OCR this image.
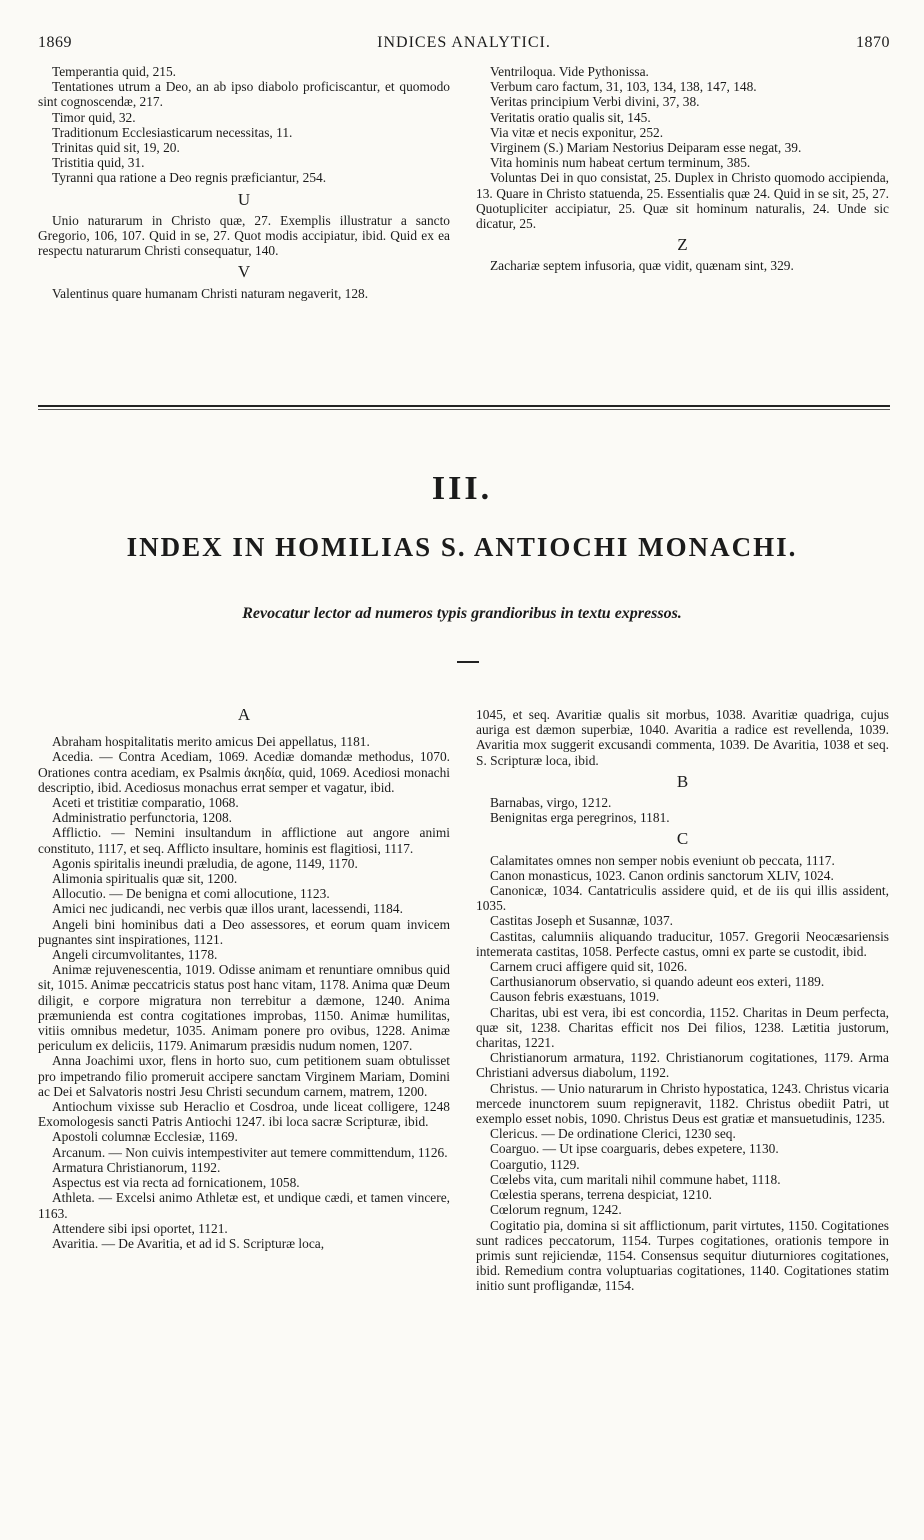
1869	INDICES ANALYTICI.	1870

Temperantia quid, 215.

Tentationes utrum a Deo, an ab ipso diabolo proficiscantur, et quomodo sint cognoscendæ, 217.

Timor quid, 32.

Traditionum Ecclesiasticarum necessitas, 11.

Trinitas quid sit, 19, 20.

Tristitia quid, 31.

Tyranni qua ratione a Deo regnis præficiantur, 254.

U

Unio naturarum in Christo quæ, 27. Exemplis illustratur a sancto Gregorio, 106, 107. Quid in se, 27. Quot modis accipiatur, ibid. Quid ex ea respectu naturarum Christi consequatur, 140.

V

Valentinus quare humanam Christi naturam negaverit, 128.

Ventriloqua. Vide Pythonissa.

Verbum caro factum, 31, 103, 134, 138, 147, 148.

Veritas principium Verbi divini, 37, 38.

Veritatis oratio qualis sit, 145.

Via vitæ et necis exponitur, 252.

Virginem (S.) Mariam Nestorius Deiparam esse negat, 39.

Vita hominis num habeat certum terminum, 385.

Voluntas Dei in quo consistat, 25. Duplex in Christo quomodo accipienda, 13. Quare in Christo statuenda, 25. Essentialis quæ 24. Quid in se sit, 25, 27. Quotupliciter accipiatur, 25. Quæ sit hominum naturalis, 24. Unde sic dicatur, 25.

Z

Zachariæ septem infusoria, quæ vidit, quænam sint, 329.

III.
INDEX IN HOMILIAS S. ANTIOCHI MONACHI.
Revocatur lector ad numeros typis grandioribus in textu expressos.
A

Abraham hospitalitatis merito amicus Dei appellatus, 1181.

Acedia. — Contra Acediam, 1069. Acediæ domandæ methodus, 1070. Orationes contra acediam, ex Psalmis ἀκηδία, quid, 1069. Acediosi monachi descriptio, ibid. Acediosus monachus errat semper et vagatur, ibid.

Aceti et tristitiæ comparatio, 1068.

Administratio perfunctoria, 1208.

Afflictio. — Nemini insultandum in afflictione aut angore animi constituto, 1117, et seq. Afflicto insultare, hominis est flagitiosi, 1117.

Agonis spiritalis ineundi præludia, de agone, 1149, 1170.

Alimonia spiritualis quæ sit, 1200.

Allocutio. — De benigna et comi allocutione, 1123.

Amici nec judicandi, nec verbis quæ illos urant, lacessendi, 1184.

Angeli bini hominibus dati a Deo assessores, et eorum quam invicem pugnantes sint inspirationes, 1121.

Angeli circumvolitantes, 1178.

Animæ rejuvenescentia, 1019. Odisse animam et renuntiare omnibus quid sit, 1015. Animæ peccatricis status post hanc vitam, 1178. Anima quæ Deum diligit, e corpore migratura non terrebitur a dæmone, 1240. Anima præmunienda est contra cogitationes improbas, 1150. Animæ humilitas, vitiis omnibus medetur, 1035. Animam ponere pro ovibus, 1228. Animæ periculum ex deliciis, 1179. Animarum præsidis nudum nomen, 1207.

Anna Joachimi uxor, flens in horto suo, cum petitionem suam obtulisset pro impetrando filio promeruit accipere sanctam Virginem Mariam, Domini ac Dei et Salvatoris nostri Jesu Christi secundum carnem, matrem, 1200.

Antiochum vixisse sub Heraclio et Cosdroa, unde liceat colligere, 1248 Exomologesis sancti Patris Antiochi 1247. ibi loca sacræ Scripturæ, ibid.

Apostoli columnæ Ecclesiæ, 1169.

Arcanum. — Non cuivis intempestiviter aut temere committendum, 1126.

Armatura Christianorum, 1192.

Aspectus est via recta ad fornicationem, 1058.

Athleta. — Excelsi animo Athletæ est, et undique cædi, et tamen vincere, 1163.

Attendere sibi ipsi oportet, 1121.

Avaritia. — De Avaritia, et ad id S. Scripturæ loca,

1045, et seq. Avaritiæ qualis sit morbus, 1038. Avaritiæ quadriga, cujus auriga est dæmon superbiæ, 1040. Avaritia a radice est revellenda, 1039. Avaritia mox suggerit excusandi commenta, 1039. De Avaritia, 1038 et seq. S. Scripturæ loca, ibid.

B

Barnabas, virgo, 1212.

Benignitas erga peregrinos, 1181.

C

Calamitates omnes non semper nobis eveniunt ob peccata, 1117.

Canon monasticus, 1023. Canon ordinis sanctorum XLIV, 1024.

Canonicæ, 1034. Cantatriculis assidere quid, et de iis qui illis assident, 1035.

Castitas Joseph et Susannæ, 1037.

Castitas, calumniis aliquando traducitur, 1057. Gregorii Neocæsariensis intemerata castitas, 1058. Perfecte castus, omni ex parte se custodit, ibid.

Carnem cruci affigere quid sit, 1026.

Carthusianorum observatio, si quando adeunt eos exteri, 1189.

Causon febris exæstuans, 1019.

Charitas, ubi est vera, ibi est concordia, 1152. Charitas in Deum perfecta, quæ sit, 1238. Charitas efficit nos Dei filios, 1238. Lætitia justorum, charitas, 1221.

Christianorum armatura, 1192. Christianorum cogitationes, 1179. Arma Christiani adversus diabolum, 1192.

Christus. — Unio naturarum in Christo hypostatica, 1243. Christus vicaria mercede inunctorem suum repigneravit, 1182. Christus obediit Patri, ut exemplo esset nobis, 1090. Christus Deus est gratiæ et mansuetudinis, 1235.

Clericus. — De ordinatione Clerici, 1230 seq.

Coarguo. — Ut ipse coarguaris, debes expetere, 1130.

Coargutio, 1129.

Cœlebs vita, cum maritali nihil commune habet, 1118.

Cœlestia sperans, terrena despiciat, 1210.

Cœlorum regnum, 1242.

Cogitatio pia, domina si sit afflictionum, parit virtutes, 1150. Cogitationes sunt radices peccatorum, 1154. Turpes cogitationes, orationis tempore in primis sunt rejiciendæ, 1154. Consensus sequitur diuturniores cogitationes, ibid. Remedium contra voluptuarias cogitationes, 1140. Cogitationes statim initio sunt profligandæ, 1154.
